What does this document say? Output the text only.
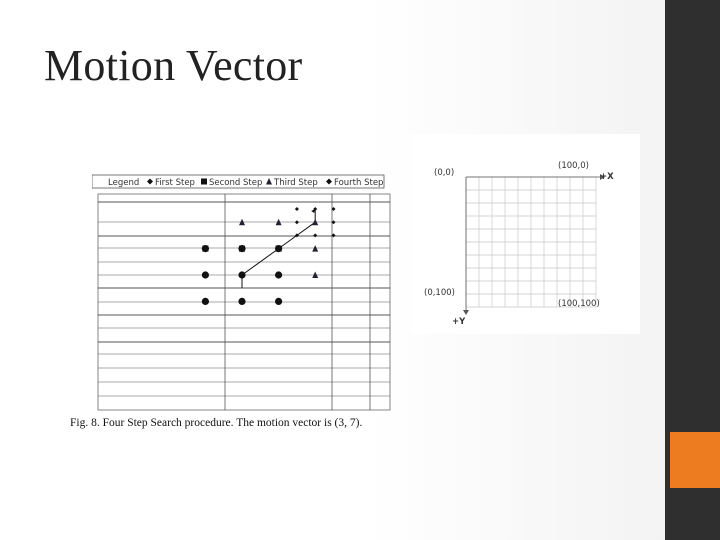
Motion Vector
Legend First Step Second Step Third Step Fourth Step
Fig. 8. Four Step Search procedure. The motion vector is (3, 7).
(0,0)
(100,0)
+X
(0,100)
(100,100)
+Y
